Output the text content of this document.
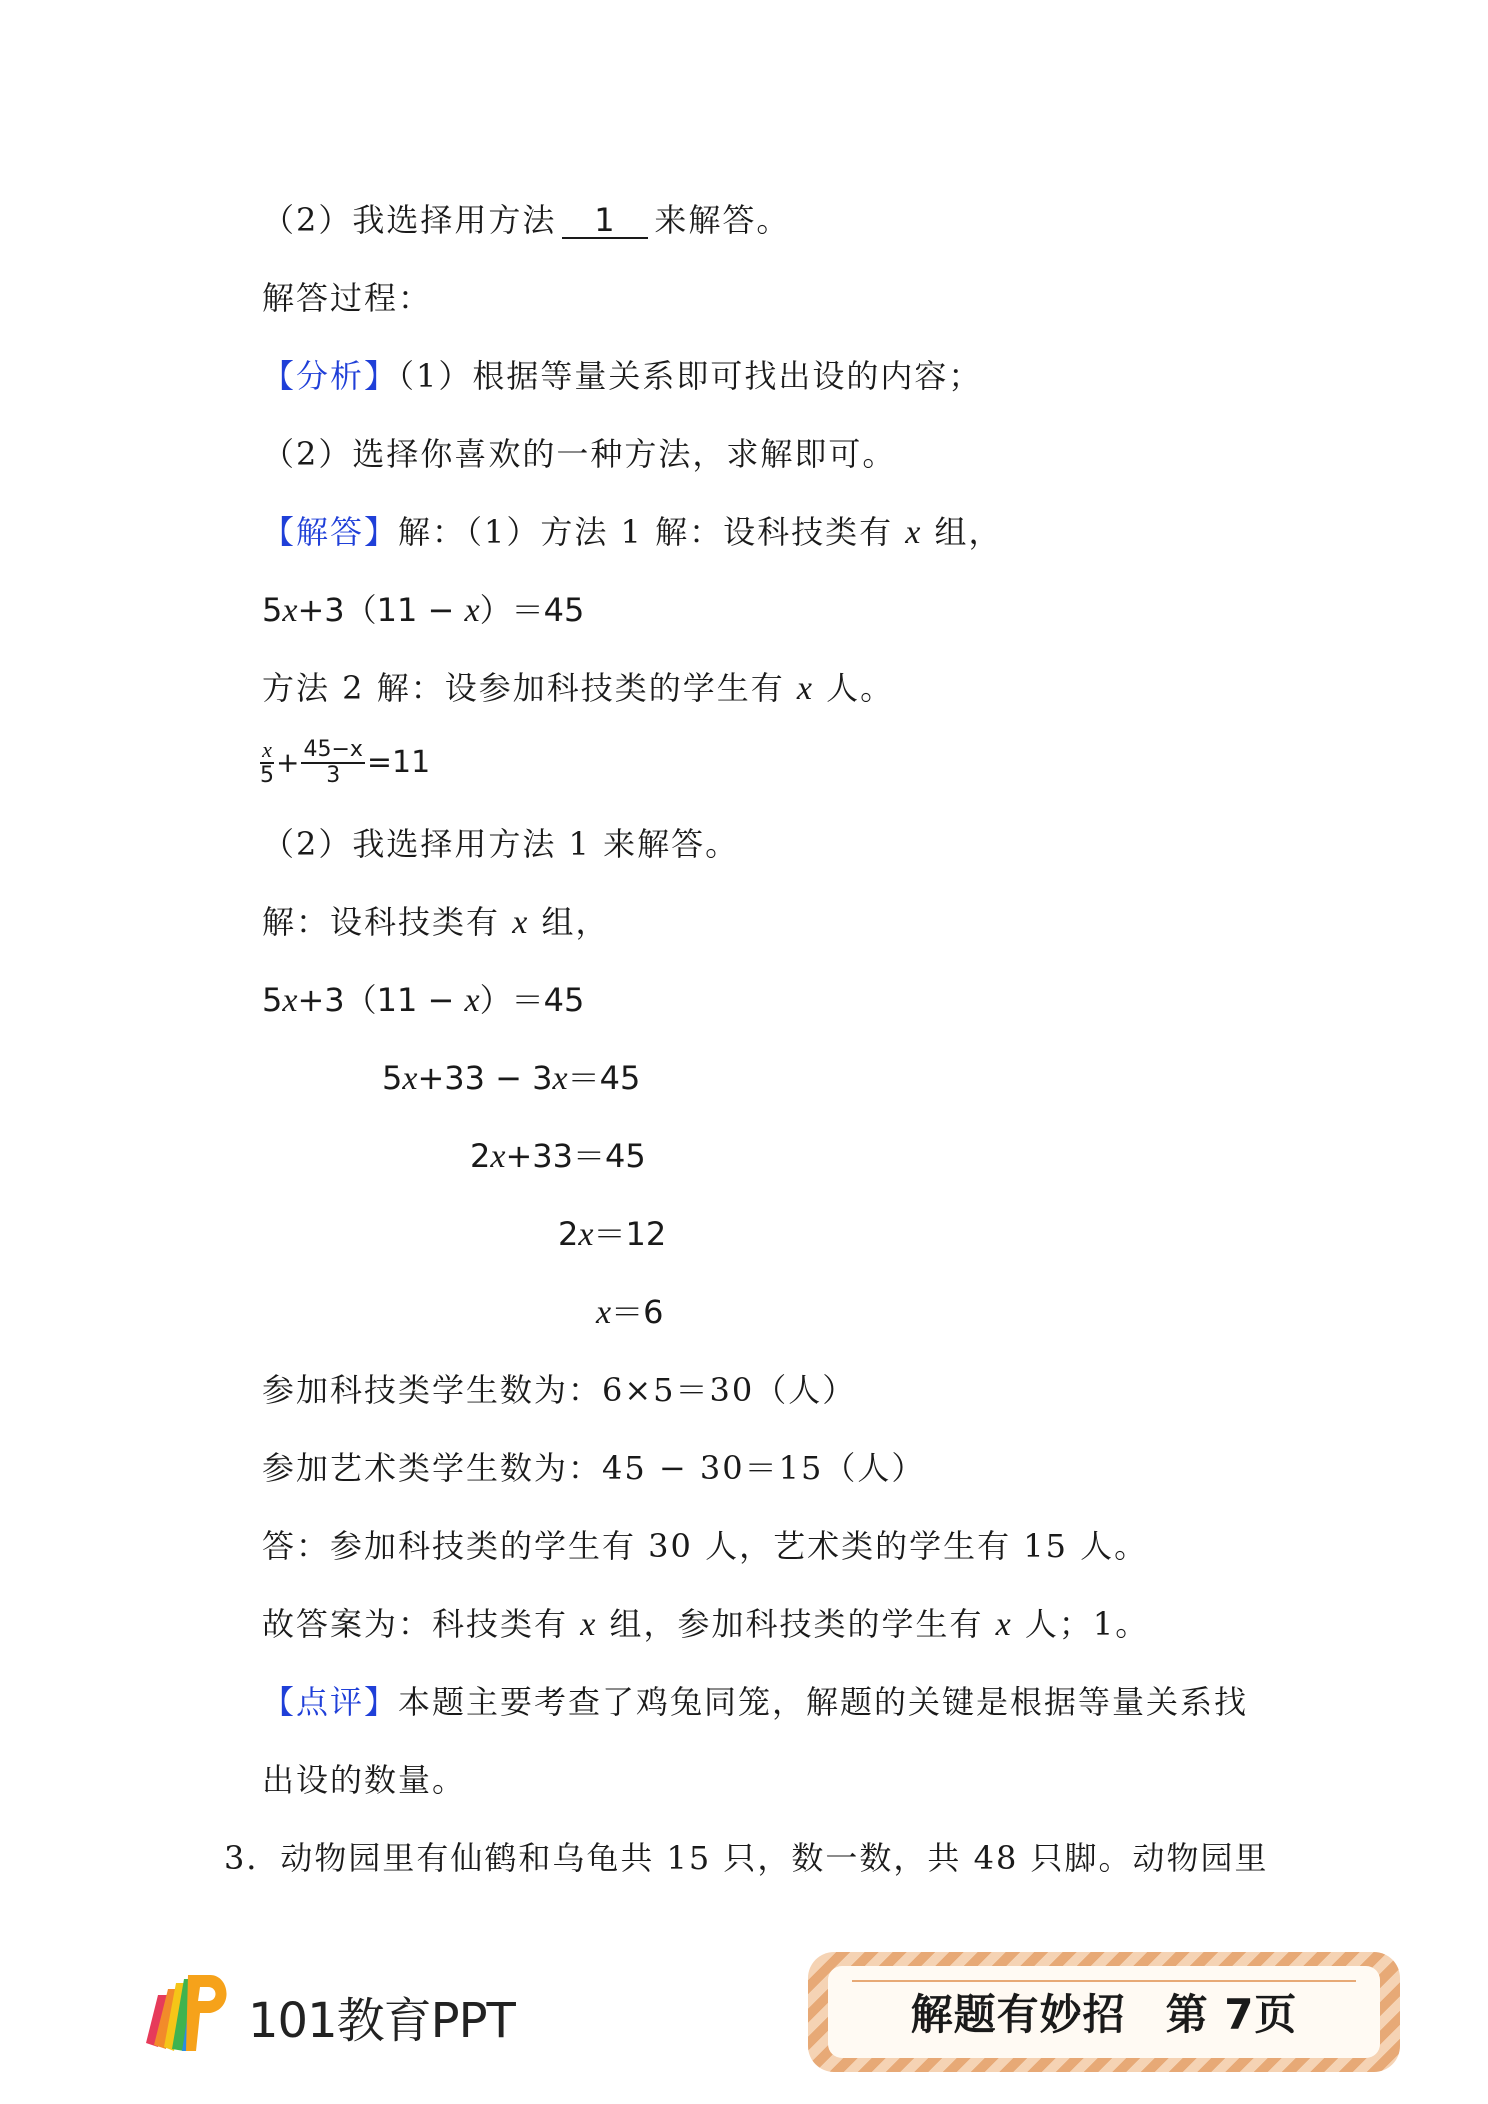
（2）我选择用方法 1 来解答。
解答过程：
【分析】（1）根据等量关系即可找出设的内容；
（2）选择你喜欢的一种方法，求解即可。
【解答】解：（1）方法 1 解：设科技类有 x 组，
5x+3（11 − x）＝45
方法 2 解：设参加科技类的学生有 x 人。
$\frac{x}{5} + \frac{45-x}{3} =11$
（2）我选择用方法 1 来解答。
解：设科技类有 x 组，
5x+3（11 − x）＝45
5x+33 − 3x＝45
2x+33＝45
2x＝12
x＝6
参加科技类学生数为：6×5＝30（人）
参加艺术类学生数为：45 − 30＝15（人）
答：参加科技类的学生有 30 人，艺术类的学生有 15 人。
故答案为：科技类有 x 组，参加科技类的学生有 x 人；1。
【点评】本题主要考查了鸡兔同笼，解题的关键是根据等量关系找
出设的数量。
3．动物园里有仙鹤和乌龟共 15 只，数一数，共 48 只脚。动物园里
101教育PPT	解题有妙招 第 7页
